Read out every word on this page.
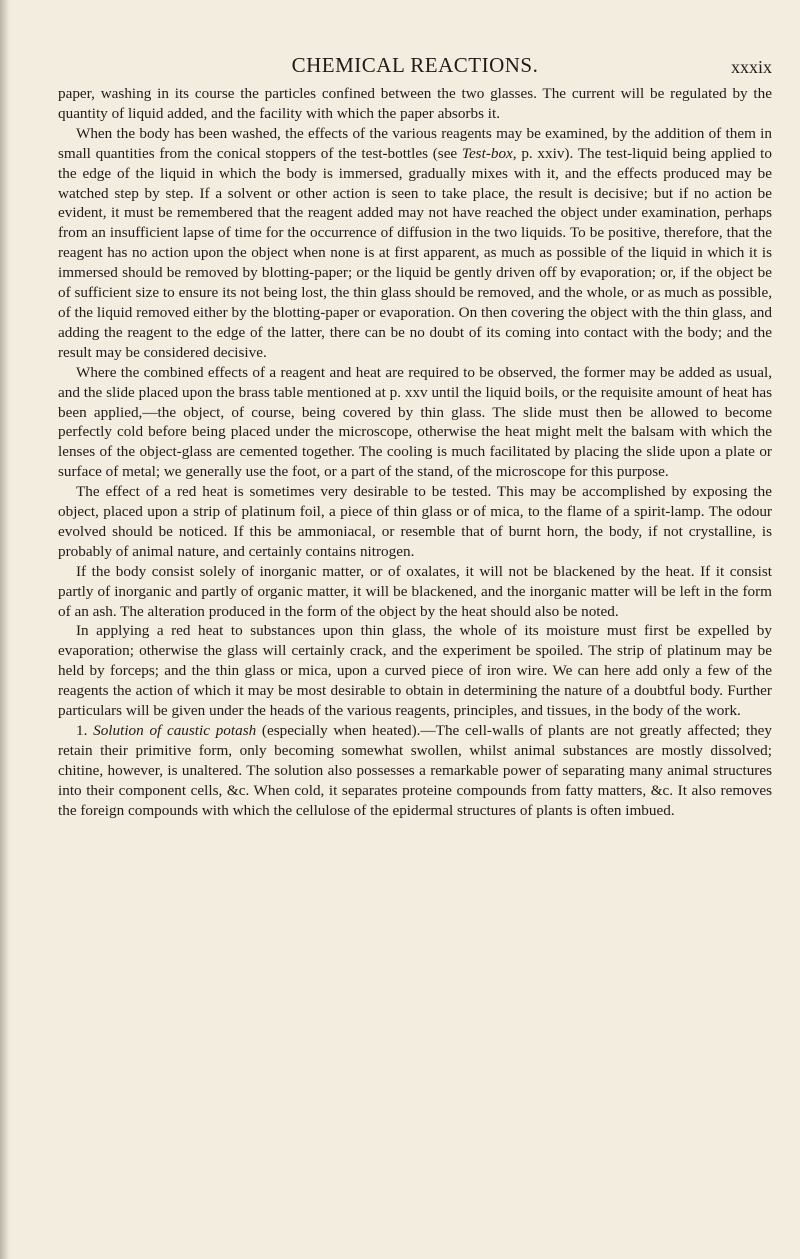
CHEMICAL REACTIONS.	xxxix

paper, washing in its course the particles confined between the two glasses. The current will be regulated by the quantity of liquid added, and the facility with which the paper absorbs it.

When the body has been washed, the effects of the various reagents may be examined, by the addition of them in small quantities from the conical stoppers of the test-bottles (see Test-box, p. xxiv). The test-liquid being applied to the edge of the liquid in which the body is immersed, gradually mixes with it, and the effects produced may be watched step by step. If a solvent or other action is seen to take place, the result is decisive; but if no action be evident, it must be remembered that the reagent added may not have reached the object under examination, perhaps from an insufficient lapse of time for the occurrence of diffusion in the two liquids. To be positive, therefore, that the reagent has no action upon the object when none is at first apparent, as much as possible of the liquid in which it is immersed should be removed by blotting-paper; or the liquid be gently driven off by evaporation; or, if the object be of sufficient size to ensure its not being lost, the thin glass should be removed, and the whole, or as much as possible, of the liquid removed either by the blotting-paper or evaporation. On then covering the object with the thin glass, and adding the reagent to the edge of the latter, there can be no doubt of its coming into contact with the body; and the result may be considered decisive.

Where the combined effects of a reagent and heat are required to be observed, the former may be added as usual, and the slide placed upon the brass table mentioned at p. xxv until the liquid boils, or the requisite amount of heat has been applied,—the object, of course, being covered by thin glass. The slide must then be allowed to become perfectly cold before being placed under the microscope, otherwise the heat might melt the balsam with which the lenses of the object-glass are cemented together. The cooling is much facilitated by placing the slide upon a plate or surface of metal; we generally use the foot, or a part of the stand, of the microscope for this purpose.

The effect of a red heat is sometimes very desirable to be tested. This may be accomplished by exposing the object, placed upon a strip of platinum foil, a piece of thin glass or of mica, to the flame of a spirit-lamp. The odour evolved should be noticed. If this be ammoniacal, or resemble that of burnt horn, the body, if not crystalline, is probably of animal nature, and certainly contains nitrogen.

If the body consist solely of inorganic matter, or of oxalates, it will not be blackened by the heat. If it consist partly of inorganic and partly of organic matter, it will be blackened, and the inorganic matter will be left in the form of an ash. The alteration produced in the form of the object by the heat should also be noted.

In applying a red heat to substances upon thin glass, the whole of its moisture must first be expelled by evaporation; otherwise the glass will certainly crack, and the experiment be spoiled. The strip of platinum may be held by forceps; and the thin glass or mica, upon a curved piece of iron wire. We can here add only a few of the reagents the action of which it may be most desirable to obtain in determining the nature of a doubtful body. Further particulars will be given under the heads of the various reagents, principles, and tissues, in the body of the work.

1. Solution of caustic potash (especially when heated).—The cell-walls of plants are not greatly affected; they retain their primitive form, only becoming somewhat swollen, whilst animal substances are mostly dissolved; chitine, however, is unaltered. The solution also possesses a remarkable power of separating many animal structures into their component cells, &c. When cold, it separates proteine compounds from fatty matters, &c. It also removes the foreign compounds with which the cellulose of the epidermal structures of plants is often imbued.
